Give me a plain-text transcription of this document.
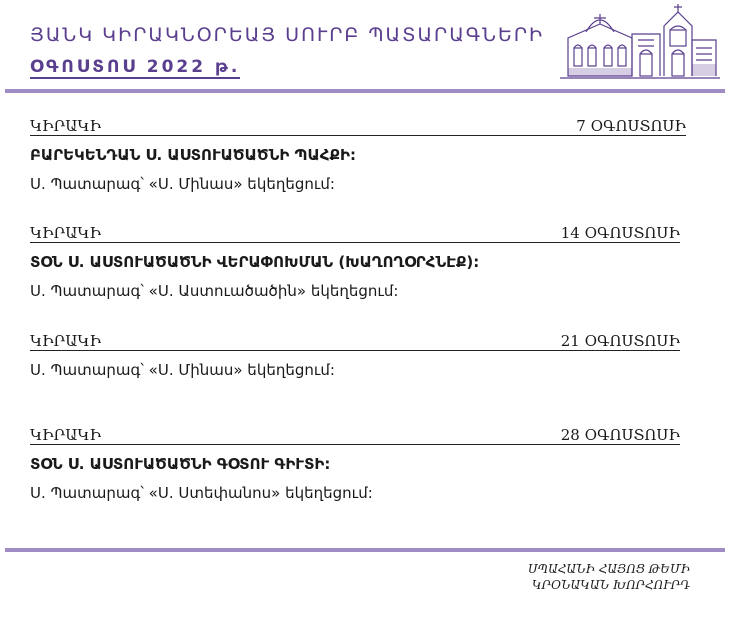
ՅԱՆԿ ԿԻՐԱԿՆՕՐԵԱՅ ՍՈՒՐԲ ՊԱՏԱՐԱԳՆԵՐԻ
ՕԳՈՍՏՈՍ 2022 թ.
ԿԻՐԱԿԻ	7 ՕԳՈՍՏՈՍԻ
ԲԱՐԵԿԵՆԴԱՆ Ս. ԱՍՏՈՒԱԾԱԾՆԻ ՊԱՀՔԻ:
Ս. Պատարագ՝ «Ս. Մինաս» եկեղեցում:
ԿԻՐԱԿԻ	14 ՕԳՈՍՏՈՍԻ
ՏՕՆ Ս. ԱՍՏՈՒԱԾԱԾՆԻ ՎԵՐԱՓՈԽՄԱՆ (ԽԱՂՈՂՕՐՀՆԷՔ):
Ս. Պատարագ՝ «Ս. Աստուածածին» եկեղեցում:
ԿԻՐԱԿԻ	21 ՕԳՈՍՏՈՍԻ
Ս. Պատարագ՝ «Ս. Մինաս» եկեղեցում:
ԿԻՐԱԿԻ	28 ՕԳՈՍՏՈՍԻ
ՏՕՆ Ս. ԱՍՏՈՒԱԾԱԾՆԻ ԳՕՏՈՒ ԳԻՒՏԻ:
Ս. Պատարագ՝ «Ս. Ստեփանոս» եկեղեցում:
ՍՊԱՀԱՆԻ ՀԱՅՈՑ ԹԵՄԻ
ԿՐՕՆԱԿԱՆ ԽՈՐՀՈՒՐԴ
